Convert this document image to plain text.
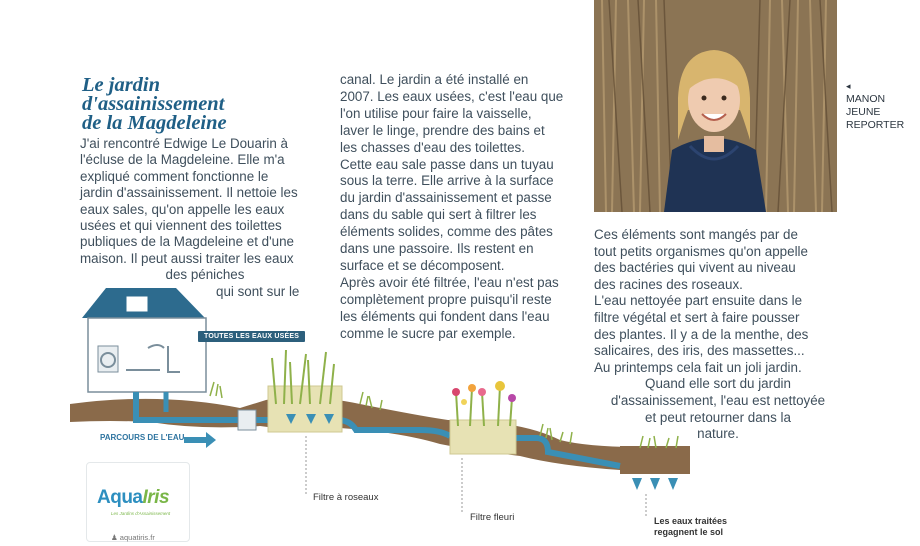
Le jardin
d'assainissement
de la Magdeleine
J'ai rencontré Edwige Le Douarin à
l'écluse de la Magdeleine. Elle m'a
expliqué comment fonctionne le
jardin d'assainissement. Il nettoie les
eaux sales, qu'on appelle les eaux
usées et qui viennent des toilettes
publiques de la Magdeleine et d'une
maison. Il peut aussi traiter les eaux
des péniches
qui sont sur le
canal. Le jardin a été installé en
2007. Les eaux usées, c'est l'eau que
l'on utilise pour faire la vaisselle,
laver le linge, prendre des bains et
les chasses d'eau des toilettes.
Cette eau sale passe dans un tuyau
sous la terre. Elle arrive à la surface
du jardin d'assainissement et passe
dans du sable qui sert à filtrer les
éléments solides, comme des pâtes
dans une passoire. Ils restent en
surface et se décomposent.
Après avoir été filtrée, l'eau n'est pas
complètement propre puisqu'il reste
les éléments qui fondent dans l'eau
comme le sucre par exemple.
◂
MANON
JEUNE
REPORTER
Ces éléments sont mangés par de
tout petits organismes qu'on appelle
des bactéries qui vivent au niveau
des racines des roseaux.
L'eau nettoyée part ensuite dans le
filtre végétal et sert à faire pousser
des plantes. Il y a de la menthe, des
salicaires, des iris, des massettes...
Au printemps cela fait un joli jardin.
Quand elle sort du jardin
d'assainissement, l'eau est nettoyée
et peut retourner dans la
nature.
TOUTES LES EAUX USÉES
PARCOURS DE L'EAU
Filtre à roseaux
Filtre fleuri	Les eaux traitées
regagnent le sol
AquaIris
Les Jardins d'Assainissement
♟ aquatiris.fr
